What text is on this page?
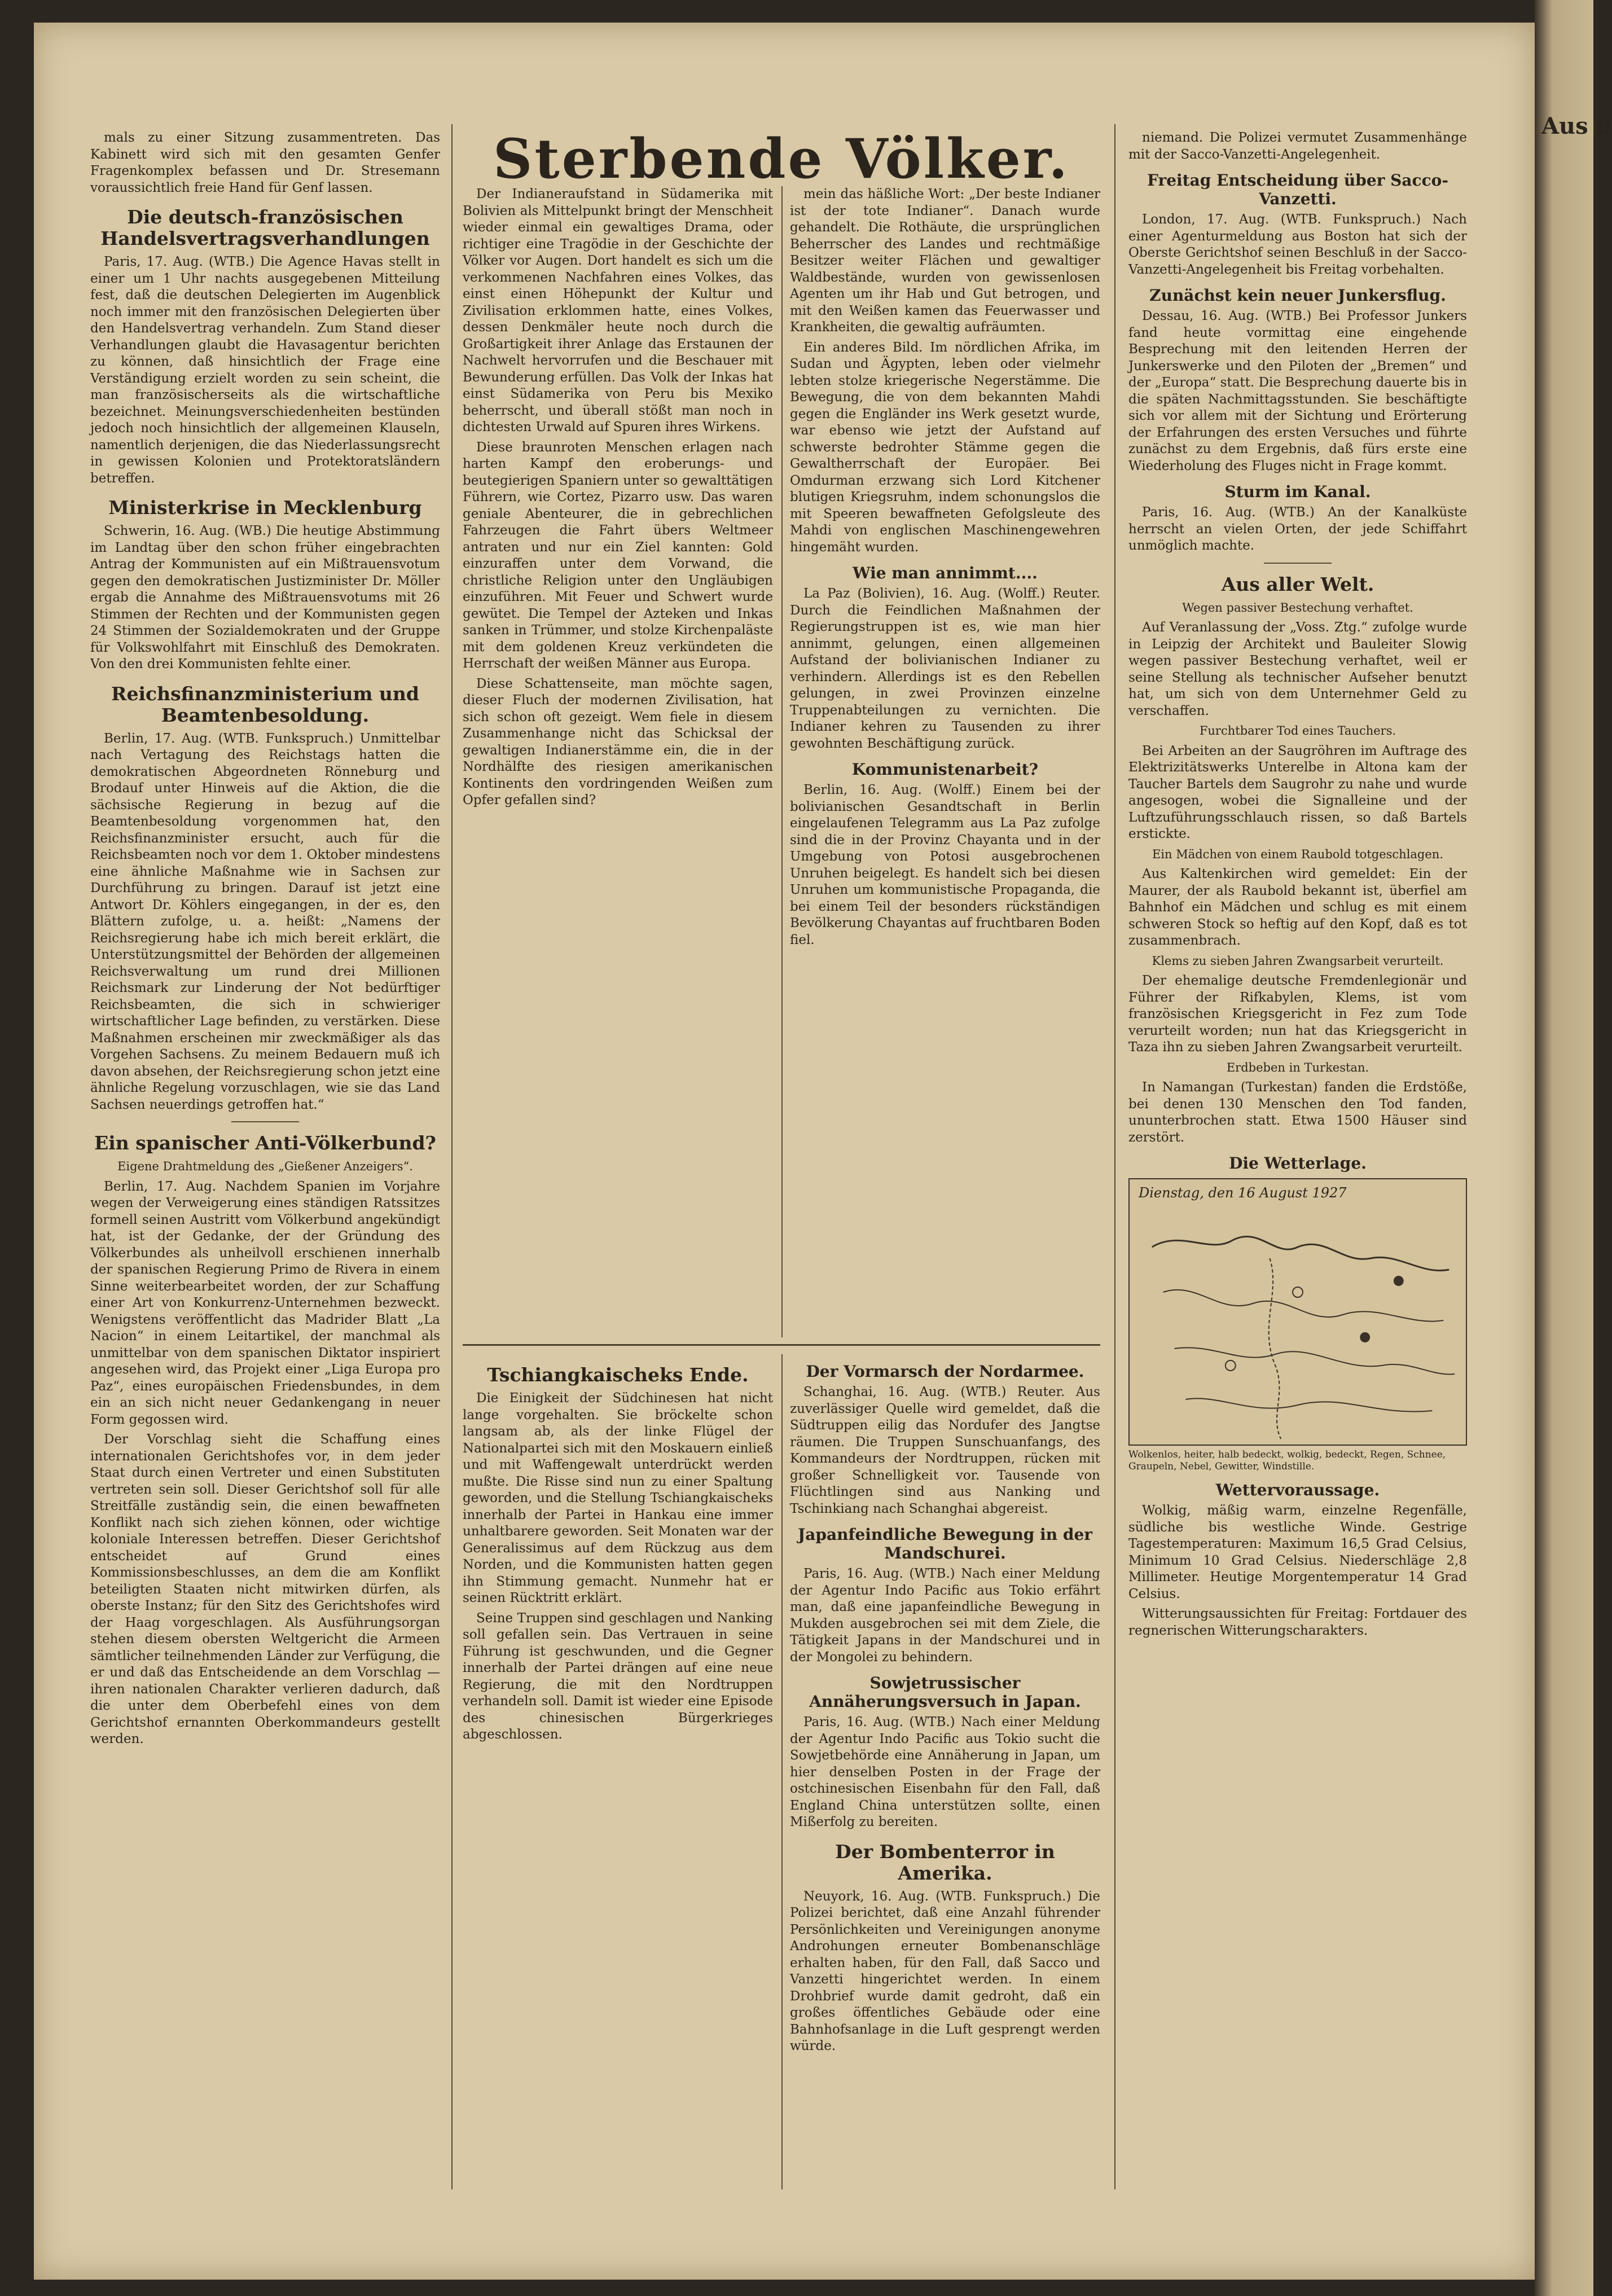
Aus d

mals zu einer Sitzung zusammentreten. Das Kabinett wird sich mit den gesamten Genfer Fragenkomplex befassen und Dr. Stresemann voraussichtlich freie Hand für Genf lassen.

Die deutsch-französischen Handelsvertragsverhandlungen

Paris, 17. Aug. (WTB.) Die Agence Havas stellt in einer um 1 Uhr nachts ausgegebenen Mitteilung fest, daß die deutschen Delegierten im Augenblick noch immer mit den französischen Delegierten über den Handelsvertrag verhandeln. Zum Stand dieser Verhandlungen glaubt die Havasagentur berichten zu können, daß hinsichtlich der Frage eine Verständigung erzielt worden zu sein scheint, die man französischerseits als die wirtschaftliche bezeichnet. Meinungsverschiedenheiten bestünden jedoch noch hinsichtlich der allgemeinen Klauseln, namentlich derjenigen, die das Niederlassungsrecht in gewissen Kolonien und Protektoratsländern betreffen.

Ministerkrise in Mecklenburg

Schwerin, 16. Aug. (WB.) Die heutige Abstimmung im Landtag über den schon früher eingebrachten Antrag der Kommunisten auf ein Mißtrauensvotum gegen den demokratischen Justizminister Dr. Möller ergab die Annahme des Mißtrauensvotums mit 26 Stimmen der Rechten und der Kommunisten gegen 24 Stimmen der Sozialdemokraten und der Gruppe für Volkswohlfahrt mit Einschluß des Demokraten. Von den drei Kommunisten fehlte einer.

Reichsfinanzministerium und Beamtenbesoldung.

Berlin, 17. Aug. (WTB. Funkspruch.) Unmittelbar nach Vertagung des Reichstags hatten die demokratischen Abgeordneten Rönneburg und Brodauf unter Hinweis auf die Aktion, die die sächsische Regierung in bezug auf die Beamtenbesoldung vorgenommen hat, den Reichsfinanzminister ersucht, auch für die Reichsbeamten noch vor dem 1. Oktober mindestens eine ähnliche Maßnahme wie in Sachsen zur Durchführung zu bringen. Darauf ist jetzt eine Antwort Dr. Köhlers eingegangen, in der es, den Blättern zufolge, u. a. heißt: „Namens der Reichsregierung habe ich mich bereit erklärt, die Unterstützungsmittel der Behörden der allgemeinen Reichsverwaltung um rund drei Millionen Reichsmark zur Linderung der Not bedürftiger Reichsbeamten, die sich in schwieriger wirtschaftlicher Lage befinden, zu verstärken. Diese Maßnahmen erscheinen mir zweckmäßiger als das Vorgehen Sachsens. Zu meinem Bedauern muß ich davon absehen, der Reichsregierung schon jetzt eine ähnliche Regelung vorzuschlagen, wie sie das Land Sachsen neuerdings getroffen hat.“

Ein spanischer Anti-Völkerbund?

Eigene Drahtmeldung des „Gießener Anzeigers“.

Berlin, 17. Aug. Nachdem Spanien im Vorjahre wegen der Verweigerung eines ständigen Ratssitzes formell seinen Austritt vom Völkerbund angekündigt hat, ist der Gedanke, der der Gründung des Völkerbundes als unheilvoll erschienen innerhalb der spanischen Regierung Primo de Rivera in einem Sinne weiterbearbeitet worden, der zur Schaffung einer Art von Konkurrenz-Unternehmen bezweckt. Wenigstens veröffentlicht das Madrider Blatt „La Nacion“ in einem Leitartikel, der manchmal als unmittelbar von dem spanischen Diktator inspiriert angesehen wird, das Projekt einer „Liga Europa pro Paz“, eines europäischen Friedensbundes, in dem ein an sich nicht neuer Gedankengang in neuer Form gegossen wird.

Der Vorschlag sieht die Schaffung eines internationalen Gerichtshofes vor, in dem jeder Staat durch einen Vertreter und einen Substituten vertreten sein soll. Dieser Gerichtshof soll für alle Streitfälle zuständig sein, die einen bewaffneten Konflikt nach sich ziehen können, oder wichtige koloniale Interessen betreffen. Dieser Gerichtshof entscheidet auf Grund eines Kommissionsbeschlusses, an dem die am Konflikt beteiligten Staaten nicht mitwirken dürfen, als oberste Instanz; für den Sitz des Gerichtshofes wird der Haag vorgeschlagen. Als Ausführungsorgan stehen diesem obersten Weltgericht die Armeen sämtlicher teilnehmenden Länder zur Verfügung, die er und daß das Entscheidende an dem Vorschlag — ihren nationalen Charakter verlieren dadurch, daß die unter dem Oberbefehl eines von dem Gerichtshof ernannten Oberkommandeurs gestellt werden.

Sterbende Völker.

Der Indianeraufstand in Südamerika mit Bolivien als Mittelpunkt bringt der Menschheit wieder einmal ein gewaltiges Drama, oder richtiger eine Tragödie in der Geschichte der Völker vor Augen. Dort handelt es sich um die verkommenen Nachfahren eines Volkes, das einst einen Höhepunkt der Kultur und Zivilisation erklommen hatte, eines Volkes, dessen Denkmäler heute noch durch die Großartigkeit ihrer Anlage das Erstaunen der Nachwelt hervorrufen und die Beschauer mit Bewunderung erfüllen. Das Volk der Inkas hat einst Südamerika von Peru bis Mexiko beherrscht, und überall stößt man noch in dichtesten Urwald auf Spuren ihres Wirkens.

Diese braunroten Menschen erlagen nach harten Kampf den eroberungs- und beutegierigen Spaniern unter so gewalttätigen Führern, wie Cortez, Pizarro usw. Das waren geniale Abenteurer, die in gebrechlichen Fahrzeugen die Fahrt übers Weltmeer antraten und nur ein Ziel kannten: Gold einzuraffen unter dem Vorwand, die christliche Religion unter den Ungläubigen einzuführen. Mit Feuer und Schwert wurde gewütet. Die Tempel der Azteken und Inkas sanken in Trümmer, und stolze Kirchenpaläste mit dem goldenen Kreuz verkündeten die Herrschaft der weißen Männer aus Europa.

Diese Schattenseite, man möchte sagen, dieser Fluch der modernen Zivilisation, hat sich schon oft gezeigt. Wem fiele in diesem Zusammenhange nicht das Schicksal der gewaltigen Indianerstämme ein, die in der Nordhälfte des riesigen amerikanischen Kontinents den vordringenden Weißen zum Opfer gefallen sind?

Tschiangkaischeks Ende.

Die Einigkeit der Südchinesen hat nicht lange vorgehalten. Sie bröckelte schon langsam ab, als der linke Flügel der Nationalpartei sich mit den Moskauern einließ und mit Waffengewalt unterdrückt werden mußte. Die Risse sind nun zu einer Spaltung geworden, und die Stellung Tschiangkaischeks innerhalb der Partei in Hankau eine immer unhaltbarere geworden. Seit Monaten war der Generalissimus auf dem Rückzug aus dem Norden, und die Kommunisten hatten gegen ihn Stimmung gemacht. Nunmehr hat er seinen Rücktritt erklärt.

Seine Truppen sind geschlagen und Nanking soll gefallen sein. Das Vertrauen in seine Führung ist geschwunden, und die Gegner innerhalb der Partei drängen auf eine neue Regierung, die mit den Nordtruppen verhandeln soll. Damit ist wieder eine Episode des chinesischen Bürgerkrieges abgeschlossen.

mein das häßliche Wort: „Der beste Indianer ist der tote Indianer“. Danach wurde gehandelt. Die Rothäute, die ursprünglichen Beherrscher des Landes und rechtmäßige Besitzer weiter Flächen und gewaltiger Waldbestände, wurden von gewissenlosen Agenten um ihr Hab und Gut betrogen, und mit den Weißen kamen das Feuerwasser und Krankheiten, die gewaltig aufräumten.

Ein anderes Bild. Im nördlichen Afrika, im Sudan und Ägypten, leben oder vielmehr lebten stolze kriegerische Negerstämme. Die Bewegung, die von dem bekannten Mahdi gegen die Engländer ins Werk gesetzt wurde, war ebenso wie jetzt der Aufstand auf schwerste bedrohter Stämme gegen die Gewaltherrschaft der Europäer. Bei Omdurman erzwang sich Lord Kitchener blutigen Kriegsruhm, indem schonungslos die mit Speeren bewaffneten Gefolgsleute des Mahdi von englischen Maschinengewehren hingemäht wurden.

Wie man annimmt....

La Paz (Bolivien), 16. Aug. (Wolff.) Reuter. Durch die Feindlichen Maßnahmen der Regierungstruppen ist es, wie man hier annimmt, gelungen, einen allgemeinen Aufstand der bolivianischen Indianer zu verhindern. Allerdings ist es den Rebellen gelungen, in zwei Provinzen einzelne Truppenabteilungen zu vernichten. Die Indianer kehren zu Tausenden zu ihrer gewohnten Beschäftigung zurück.

Kommunistenarbeit?

Berlin, 16. Aug. (Wolff.) Einem bei der bolivianischen Gesandtschaft in Berlin eingelaufenen Telegramm aus La Paz zufolge sind die in der Provinz Chayanta und in der Umgebung von Potosi ausgebrochenen Unruhen beigelegt. Es handelt sich bei diesen Unruhen um kommunistische Propaganda, die bei einem Teil der besonders rückständigen Bevölkerung Chayantas auf fruchtbaren Boden fiel.

Der Vormarsch der Nordarmee.

Schanghai, 16. Aug. (WTB.) Reuter. Aus zuverlässiger Quelle wird gemeldet, daß die Südtruppen eilig das Nordufer des Jangtse räumen. Die Truppen Sunschuanfangs, des Kommandeurs der Nordtruppen, rücken mit großer Schnelligkeit vor. Tausende von Flüchtlingen sind aus Nanking und Tschinkiang nach Schanghai abgereist.

Japanfeindliche Bewegung in der Mandschurei.

Paris, 16. Aug. (WTB.) Nach einer Meldung der Agentur Indo Pacific aus Tokio erfährt man, daß eine japanfeindliche Bewegung in Mukden ausgebrochen sei mit dem Ziele, die Tätigkeit Japans in der Mandschurei und in der Mongolei zu behindern.

Sowjetrussischer Annäherungsversuch in Japan.

Paris, 16. Aug. (WTB.) Nach einer Meldung der Agentur Indo Pacific aus Tokio sucht die Sowjetbehörde eine Annäherung in Japan, um hier denselben Posten in der Frage der ostchinesischen Eisenbahn für den Fall, daß England China unterstützen sollte, einen Mißerfolg zu bereiten.

Der Bombenterror in Amerika.

Neuyork, 16. Aug. (WTB. Funkspruch.) Die Polizei berichtet, daß eine Anzahl führender Persönlichkeiten und Vereinigungen anonyme Androhungen erneuter Bombenanschläge erhalten haben, für den Fall, daß Sacco und Vanzetti hingerichtet werden. In einem Drohbrief wurde damit gedroht, daß ein großes öffentliches Gebäude oder eine Bahnhofsanlage in die Luft gesprengt werden würde.

niemand. Die Polizei vermutet Zusammenhänge mit der Sacco-Vanzetti-Angelegenheit.

Freitag Entscheidung über Sacco-Vanzetti.

London, 17. Aug. (WTB. Funkspruch.) Nach einer Agenturmeldung aus Boston hat sich der Oberste Gerichtshof seinen Beschluß in der Sacco-Vanzetti-Angelegenheit bis Freitag vorbehalten.

Zunächst kein neuer Junkersflug.

Dessau, 16. Aug. (WTB.) Bei Professor Junkers fand heute vormittag eine eingehende Besprechung mit den leitenden Herren der Junkerswerke und den Piloten der „Bremen“ und der „Europa“ statt. Die Besprechung dauerte bis in die späten Nachmittagsstunden. Sie beschäftigte sich vor allem mit der Sichtung und Erörterung der Erfahrungen des ersten Versuches und führte zunächst zu dem Ergebnis, daß fürs erste eine Wiederholung des Fluges nicht in Frage kommt.

Sturm im Kanal.

Paris, 16. Aug. (WTB.) An der Kanalküste herrscht an vielen Orten, der jede Schiffahrt unmöglich machte.

Aus aller Welt.

Wegen passiver Bestechung verhaftet.

Auf Veranlassung der „Voss. Ztg.“ zufolge wurde in Leipzig der Architekt und Bauleiter Slowig wegen passiver Bestechung verhaftet, weil er seine Stellung als technischer Aufseher benutzt hat, um sich von dem Unternehmer Geld zu verschaffen.

Furchtbarer Tod eines Tauchers.

Bei Arbeiten an der Saugröhren im Auftrage des Elektrizitätswerks Unterelbe in Altona kam der Taucher Bartels dem Saugrohr zu nahe und wurde angesogen, wobei die Signalleine und der Luftzuführungsschlauch rissen, so daß Bartels erstickte.

Ein Mädchen von einem Raubold totgeschlagen.

Aus Kaltenkirchen wird gemeldet: Ein der Maurer, der als Raubold bekannt ist, überfiel am Bahnhof ein Mädchen und schlug es mit einem schweren Stock so heftig auf den Kopf, daß es tot zusammenbrach.

Klems zu sieben Jahren Zwangsarbeit verurteilt.

Der ehemalige deutsche Fremdenlegionär und Führer der Rifkabylen, Klems, ist vom französischen Kriegsgericht in Fez zum Tode verurteilt worden; nun hat das Kriegsgericht in Taza ihn zu sieben Jahren Zwangsarbeit verurteilt.

Erdbeben in Turkestan.

In Namangan (Turkestan) fanden die Erdstöße, bei denen 130 Menschen den Tod fanden, ununterbrochen statt. Etwa 1500 Häuser sind zerstört.

Die Wetterlage.
Dienstag, den 16 August 1927

Wolkenlos, heiter, halb bedeckt, wolkig, bedeckt, Regen, Schnee, Graupeln, Nebel, Gewitter, Windstille.

Wettervoraussage.

Wolkig, mäßig warm, einzelne Regenfälle, südliche bis westliche Winde. Gestrige Tagestemperaturen: Maximum 16,5 Grad Celsius, Minimum 10 Grad Celsius. Niederschläge 2,8 Millimeter. Heutige Morgentemperatur 14 Grad Celsius.

Witterungsaussichten für Freitag: Fortdauer des regnerischen Witterungscharakters.
